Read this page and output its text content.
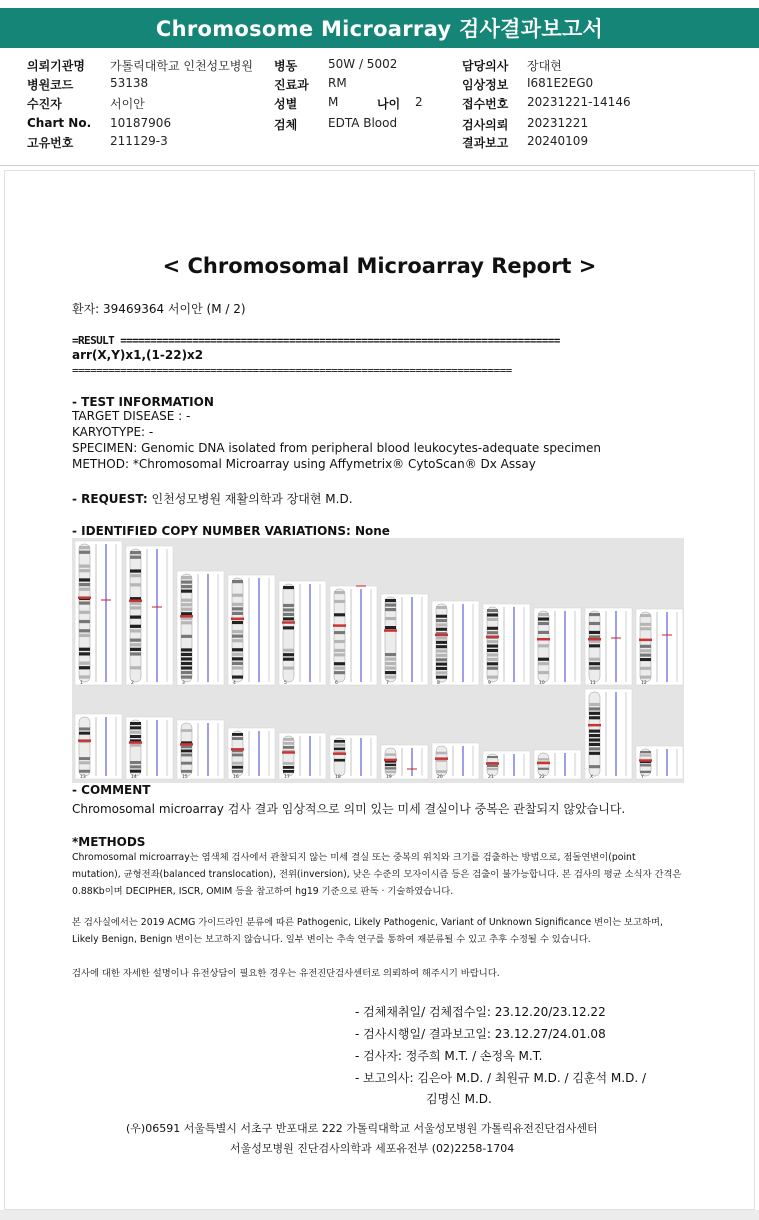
Chromosome Microarray 검사결과보고서
의뢰기관명 가톨릭대학교 인천성모병원 병동	50W / 5002	담당의사 장대현
병원코드	53138	진료과 RM	임상정보 I681E2EG0
수진자	서이안	성별	M	나이 2	접수번호 20231221-14146
Chart No. 10187906	검체	EDTA Blood	검사의뢰 20231221
고유번호	211129-3	결과보고 20240109
< Chromosomal Microarray Report >
환자: 39469364 서이안 (M / 2)
=RESULT =========================================================================
arr(X,Y)x1,(1-22)x2
=========================================================================
- TEST INFORMATION
TARGET DISEASE : -
KARYOTYPE: -
SPECIMEN: Genomic DNA isolated from peripheral blood leukocytes-adequate specimen
METHOD: *Chromosomal Microarray using Affymetrix® CytoScan® Dx Assay
- REQUEST: 인천성모병원 재활의학과 장대현 M.D.
- IDENTIFIED COPY NUMBER VARIATIONS: None
1	2	3	4	5	6	7	8	9	10	11	12
13	14	15	16	17	18	19	20	21	22	X	Y
- COMMENT
Chromosomal microarray 검사 결과 임상적으로 의미 있는 미세 결실이나 중복은 관찰되지 않았습니다.
*METHODS
Chromosomal microarray는 염색체 검사에서 관찰되지 않는 미세 결실 또는 중복의 위치와 크기를 검출하는 방법으로, 점돌연변이(point mutation), 균형전좌(balanced translocation), 전위(inversion), 낮은 수준의 모자이시즘 등은 검출이 불가능합니다. 본 검사의 평균 소식자 간격은 0.88Kb이며 DECIPHER, ISCR, OMIM 등을 참고하여 hg19 기준으로 판독 · 기술하였습니다.
본 검사실에서는 2019 ACMG 가이드라인 분류에 따른 Pathogenic, Likely Pathogenic, Variant of Unknown Significance 변이는 보고하며, Likely Benign, Benign 변이는 보고하지 않습니다. 일부 변이는 추속 연구를 통하여 재분류될 수 있고 추후 수정될 수 있습니다.
검사에 대한 자세한 설명이나 유전상담이 필요한 경우는 유전진단검사센터로 의뢰하여 해주시기 바랍니다.
- 검체채취일/ 검체접수일: 23.12.20/23.12.22
- 검사시행일/ 결과보고일: 23.12.27/24.01.08
- 검사자: 정주희 M.T. / 손정옥 M.T.
- 보고의사: 김은아 M.D. / 최원규 M.D. / 김훈석 M.D. /
김명신 M.D.
(우)06591 서울특별시 서초구 반포대로 222 가톨릭대학교 서울성모병원 가톨릭유전진단검사센터
서울성모병원 진단검사의학과 세포유전부 (02)2258-1704
